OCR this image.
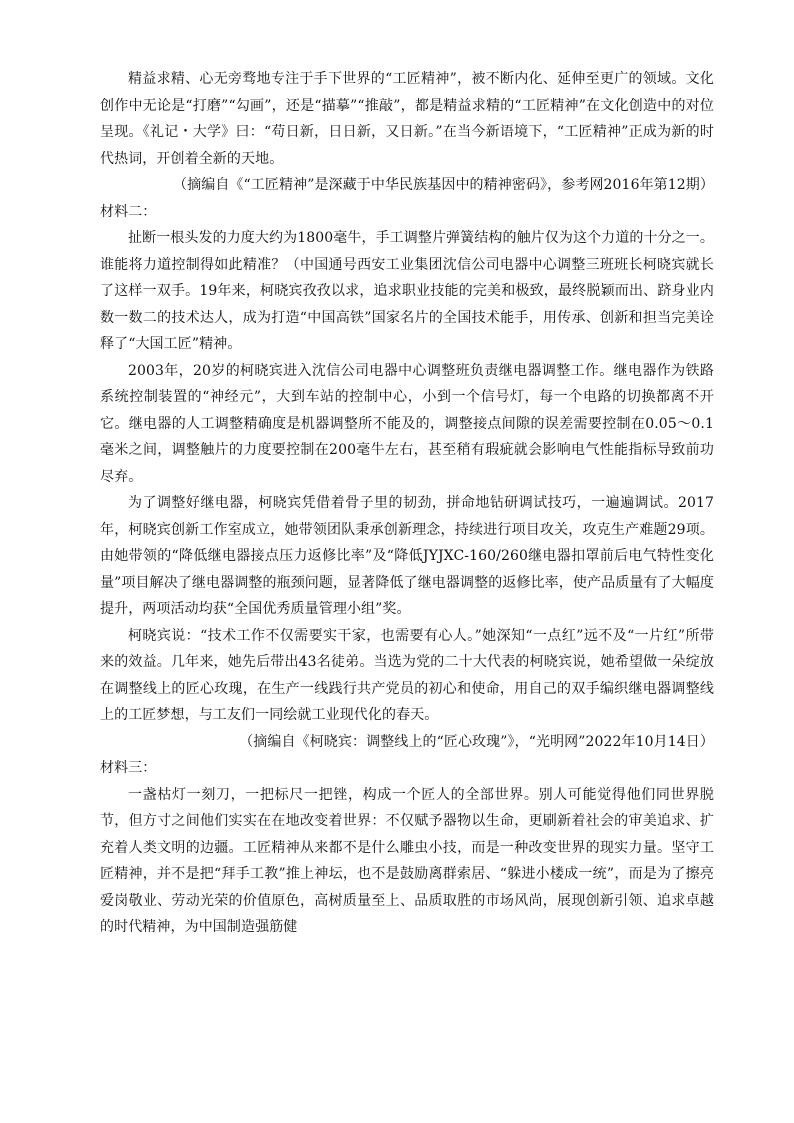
精益求精、心无旁骛地专注于手下世界的“工匠精神”，被不断内化、延伸至更广的领域。文化创作中无论是“打磨”“勾画”，还是“描摹”“推敲”，都是精益求精的“工匠精神”在文化创造中的对位呈现。《礼记・大学》曰：“苟日新，日日新，又日新。”在当今新语境下，“工匠精神”正成为新的时代热词，开创着全新的天地。

（摘编自《“工匠精神”是深藏于中华民族基因中的精神密码》，参考网2016年第12期）

材料二：

扯断一根头发的力度大约为1800毫牛，手工调整片弹簧结构的触片仅为这个力道的十分之一。谁能将力道控制得如此精准？（中国通号西安工业集团沈信公司电器中心调整三班班长柯晓宾就长了这样一双手。19年来，柯晓宾孜孜以求，追求职业技能的完美和极致，最终脱颖而出、跻身业内数一数二的技术达人，成为打造“中国高铁”国家名片的全国技术能手，用传承、创新和担当完美诠释了“大国工匠”精神。

2003年，20岁的柯晓宾进入沈信公司电器中心调整班负责继电器调整工作。继电器作为铁路系统控制装置的“神经元”，大到车站的控制中心，小到一个信号灯，每一个电路的切换都离不开它。继电器的人工调整精确度是机器调整所不能及的，调整接点间隙的误差需要控制在0.05～0.1毫米之间，调整触片的力度要控制在200毫牛左右，甚至稍有瑕疵就会影响电气性能指标导致前功尽弃。

为了调整好继电器，柯晓宾凭借着骨子里的韧劲，拼命地钻研调试技巧，一遍遍调试。2017年，柯晓宾创新工作室成立，她带领团队秉承创新理念，持续进行项目攻关，攻克生产难题29项。由她带领的“降低继电器接点压力返修比率”及“降低JYJXC-160/260继电器扣罩前后电气特性变化量”项目解决了继电器调整的瓶颈问题，显著降低了继电器调整的返修比率，使产品质量有了大幅度提升，两项活动均获“全国优秀质量管理小组”奖。

柯晓宾说：“技术工作不仅需要实干家，也需要有心人。”她深知“一点红”远不及“一片红”所带来的效益。几年来，她先后带出43名徒弟。当选为党的二十大代表的柯晓宾说，她希望做一朵绽放在调整线上的匠心玫瑰，在生产一线践行共产党员的初心和使命，用自己的双手编织继电器调整线上的工匠梦想，与工友们一同绘就工业现代化的春天。

（摘编自《柯晓宾：调整线上的“匠心玫瑰”》，“光明网”2022年10月14日）

材料三：

一盏枯灯一刻刀，一把标尺一把锉，构成一个匠人的全部世界。别人可能觉得他们同世界脱节，但方寸之间他们实实在在地改变着世界：不仅赋予器物以生命，更刷新着社会的审美追求、扩充着人类文明的边疆。工匠精神从来都不是什么雕虫小技，而是一种改变世界的现实力量。坚守工匠精神，并不是把“拜手工教”推上神坛，也不是鼓励离群索居、“躲进小楼成一统”，而是为了擦亮爱岗敬业、劳动光荣的价值原色，高树质量至上、品质取胜的市场风尚，展现创新引领、追求卓越的时代精神，为中国制造强筋健
